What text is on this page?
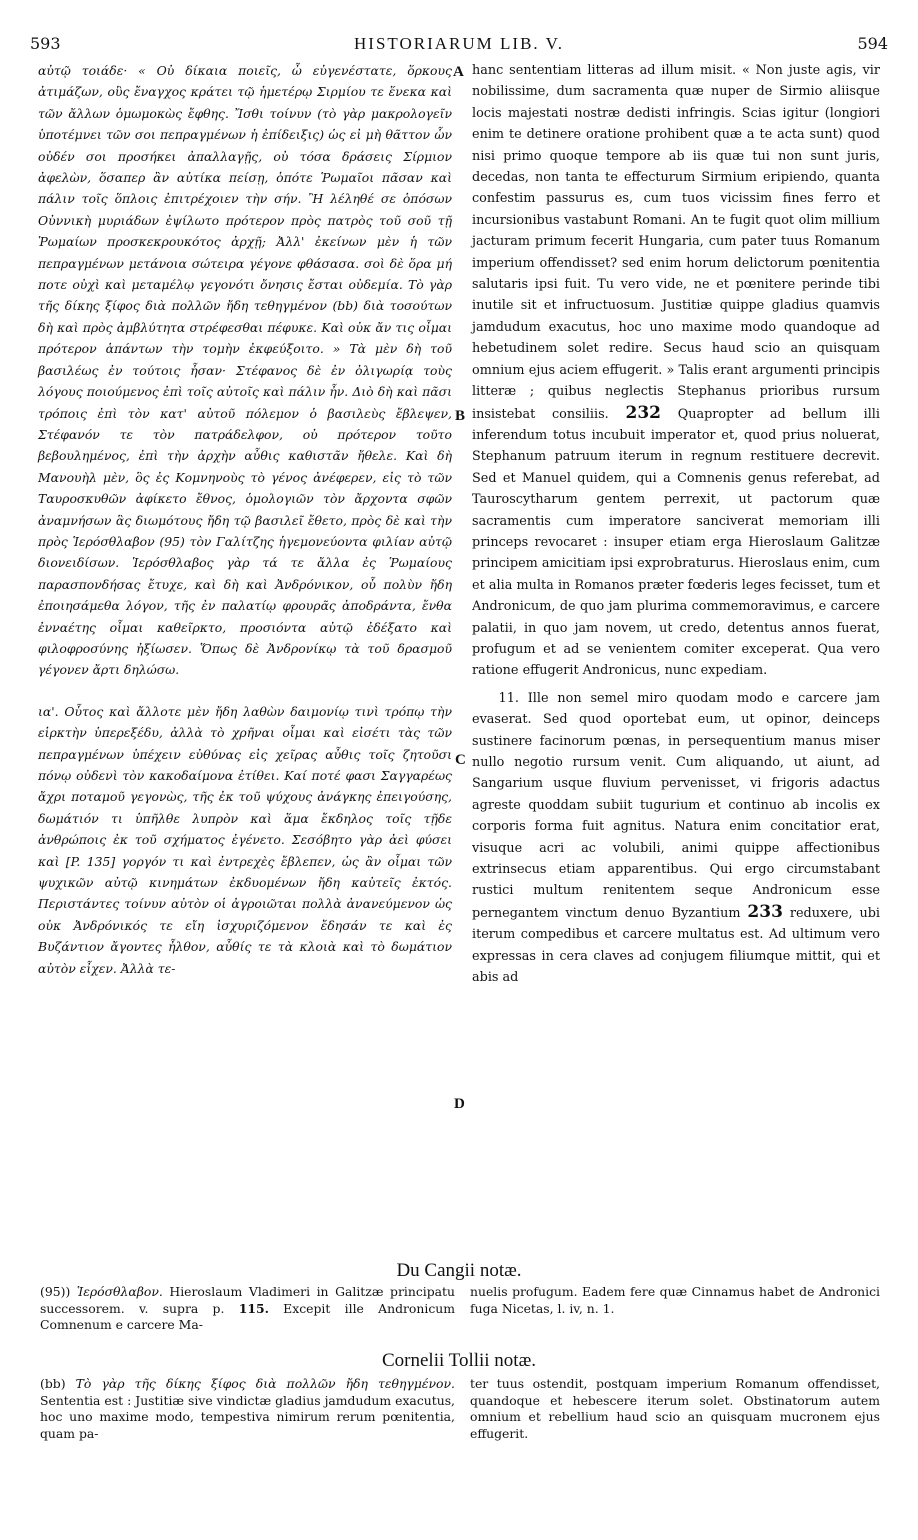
593	HISTORIARUM LIB. V.	594

αὐτῷ τοιάδε· « Οὐ δίκαια ποιεῖς, ὦ εὐγενέστατε, ὅρκους ἀτιμάζων, οὓς ἔναγχος κράτει τῷ ἡμετέρῳ Σιρμίου τε ἕνεκα καὶ τῶν ἄλλων ὁμωμοκὼς ἔφθης. Ἴσθι τοίνυν (τὸ γὰρ μακρολογεῖν ὑποτέμνει τῶν σοι πεπραγμένων ἡ ἐπίδειξις) ὡς εἰ μὴ θᾶττον ὧν οὐδέν σοι προσήκει ἀπαλλαγῇς, οὐ τόσα δράσεις Σίρμιον ἀφελὼν, ὅσαπερ ἂν αὐτίκα πείσῃ, ὁπότε Ῥωμαῖοι πᾶσαν καὶ πάλιν τοῖς ὅπλοις ἐπιτρέχοιεν τὴν σήν. Ἢ λέληθέ σε ὁπόσων Οὐννικὴ μυριάδων ἐψίλωτο πρότερον πρὸς πατρὸς τοῦ σοῦ τῇ Ῥωμαίων προσκεκρουκότος ἀρχῇ; Ἀλλ' ἐκείνων μὲν ἡ τῶν πεπραγμένων μετάνοια σώτειρα γέγονε φθάσασα. σοὶ δὲ ὅρα μή ποτε οὐχὶ καὶ μεταμέλῳ γεγονότι ὄνησις ἔσται οὐδεμία. Τὸ γὰρ τῆς δίκης ξίφος διὰ πολλῶν ἤδη τεθηγμένον (bb) διὰ τοσούτων δὴ καὶ πρὸς ἀμβλύτητα στρέφεσθαι πέφυκε. Καὶ οὐκ ἄν τις οἶμαι πρότερον ἁπάντων τὴν τομὴν ἐκφεύξοιτο. » Τὰ μὲν δὴ τοῦ βασιλέως ἐν τούτοις ἦσαν· Στέφανος δὲ ἐν ὀλιγωρίᾳ τοὺς λόγους ποιούμενος ἐπὶ τοῖς αὐτοῖς καὶ πάλιν ἦν. Διὸ δὴ καὶ πᾶσι τρόποις ἐπὶ τὸν κατ' αὐτοῦ πόλεμον ὁ βασιλεὺς ἔβλεψεν, Στέφανόν τε τὸν πατράδελφον, οὐ πρότερον τοῦτο βεβουλημένος, ἐπὶ τὴν ἀρχὴν αὖθις καθιστᾶν ἤθελε. Καὶ δὴ Μανουὴλ μὲν, ὃς ἐς Κομνηνοὺς τὸ γένος ἀνέφερεν, εἰς τὸ τῶν Ταυροσκυθῶν ἀφίκετο ἔθνος, ὁμολογιῶν τὸν ἄρχοντα σφῶν ἀναμνήσων ἃς διωμότους ἤδη τῷ βασιλεῖ ἔθετο, πρὸς δὲ καὶ τὴν πρὸς Ἱερόσθλαβον (95) τὸν Γαλίτζης ἡγεμονεύοντα φιλίαν αὐτῷ διονειδίσων. Ἱερόσθλαβος γὰρ τά τε ἄλλα ἐς Ῥωμαίους παρασπονδήσας ἔτυχε, καὶ δὴ καὶ Ἀνδρόνικον, οὗ πολὺν ἤδη ἐποιησάμεθα λόγον, τῆς ἐν παλατίῳ φρουρᾶς ἀποδράντα, ἔνθα ἐνναέτης οἶμαι καθεῖρκτο, προσιόντα αὐτῷ ἐδέξατο καὶ φιλοφροσύνης ἠξίωσεν. Ὅπως δὲ Ἀνδρονίκῳ τὰ τοῦ δρασμοῦ γέγονεν ἄρτι δηλώσω.

ια'. Οὗτος καὶ ἄλλοτε μὲν ἤδη λαθὼν δαιμονίῳ τινὶ τρόπῳ τὴν εἱρκτὴν ὑπερεξέδυ, ἀλλὰ τὸ χρῆναι οἶμαι καὶ εἰσέτι τὰς τῶν πεπραγμένων ὑπέχειν εὐθύνας εἰς χεῖρας αὖθις τοῖς ζητοῦσι πόνῳ οὐδενὶ τὸν κακοδαίμονα ἐτίθει. Καί ποτέ φασι Σαγγαρέως ἄχρι ποταμοῦ γεγονὼς, τῆς ἐκ τοῦ ψύχους ἀνάγκης ἐπειγούσης, δωμάτιόν τι ὑπῆλθε λυπρὸν καὶ ἅμα ἔκδηλος τοῖς τῇδε ἀνθρώποις ἐκ τοῦ σχήματος ἐγένετο. Σεσόβητο γὰρ ἀεὶ φύσει καὶ [P. 135] γοργόν τι καὶ ἐντρεχὲς ἔβλεπεν, ὡς ἂν οἶμαι τῶν ψυχικῶν αὐτῷ κινημάτων ἐκδυομένων ἤδη καὐτεῖς ἐκτός. Περιστάντες τοίνυν αὐτὸν οἱ ἀγροιῶται πολλὰ ἀνανεύμενον ὡς οὐκ Ἀνδρόνικός τε εἴη ἰσχυριζόμενον ἔδησάν τε καὶ ἐς Βυζάντιον ἄγοντες ἦλθον, αὖθίς τε τὰ κλοιὰ καὶ τὸ δωμάτιον αὐτὸν εἶχεν. Ἀλλὰ τε-

A
B
C
D

hanc sententiam litteras ad illum misit. « Non juste agis, vir nobilissime, dum sacramenta quæ nuper de Sirmio aliisque locis majestati nostræ dedisti infringis. Scias igitur (longiori enim te detinere oratione prohibent quæ a te acta sunt) quod nisi primo quoque tempore ab iis quæ tui non sunt juris, decedas, non tanta te effecturum Sirmium eripiendo, quanta confestim passurus es, cum tuos vicissim fines ferro et incursionibus vastabunt Romani. An te fugit quot olim millium jacturam primum fecerit Hungaria, cum pater tuus Romanum imperium offendisset? sed enim horum delictorum pœnitentia salutaris ipsi fuit. Tu vero vide, ne et pœnitere perinde tibi inutile sit et infructuosum. Justitiæ quippe gladius quamvis jamdudum exacutus, hoc uno maxime modo quandoque ad hebetudinem solet redire. Secus haud scio an quisquam omnium ejus aciem effugerit. » Talis erant argumenti principis litteræ ; quibus neglectis Stephanus prioribus rursum insistebat consiliis. 232 Quapropter ad bellum illi inferendum totus incubuit imperator et, quod prius noluerat, Stephanum patruum iterum in regnum restituere decrevit. Sed et Manuel quidem, qui a Comnenis genus referebat, ad Tauroscytharum gentem perrexit, ut pactorum quæ sacramentis cum imperatore sanciverat memoriam illi princeps revocaret : insuper etiam erga Hieroslaum Galitzæ principem amicitiam ipsi exprobraturus. Hieroslaus enim, cum et alia multa in Romanos præter fœderis leges fecisset, tum et Andronicum, de quo jam plurima commemoravimus, e carcere palatii, in quo jam novem, ut credo, detentus annos fuerat, profugum et ad se venientem comiter exceperat. Qua vero ratione effugerit Andronicus, nunc expediam.

11. Ille non semel miro quodam modo e carcere jam evaserat. Sed quod oportebat eum, ut opinor, deinceps sustinere facinorum pœnas, in persequentium manus miser nullo negotio rursum venit. Cum aliquando, ut aiunt, ad Sangarium usque fluvium pervenisset, vi frigoris adactus agreste quoddam subiit tugurium et continuo ab incolis ex corporis forma fuit agnitus. Natura enim concitatior erat, visuque acri ac volubili, animi quippe affectionibus extrinsecus etiam apparentibus. Qui ergo circumstabant rustici multum renitentem seque Andronicum esse pernegantem vinctum denuo Byzantium 233 reduxere, ubi iterum compedibus et carcere multatus est. Ad ultimum vero expressas in cera claves ad conjugem filiumque mittit, qui et abis ad

Du Cangii notæ.

(95)) Ἱερόσθλαβον. Hieroslaum Vladimeri in Galitzæ principatu successorem. v. supra p. 115. Excepit ille Andronicum Comnenum e carcere Ma-

nuelis profugum. Eadem fere quæ Cinnamus habet de Andronici fuga Nicetas, l. iv, n. 1.

Cornelii Tollii notæ.

(bb) Τὸ γὰρ τῆς δίκης ξίφος διὰ πολλῶν ἤδη τεθηγμένον. Sententia est : Justitiæ sive vindictæ gladius jamdudum exacutus, hoc uno maxime modo, tempestiva nimirum rerum pœnitentia, quam pa-

ter tuus ostendit, postquam imperium Romanum offendisset, quandoque et hebescere iterum solet. Obstinatorum autem omnium et rebellium haud scio an quisquam mucronem ejus effugerit.
